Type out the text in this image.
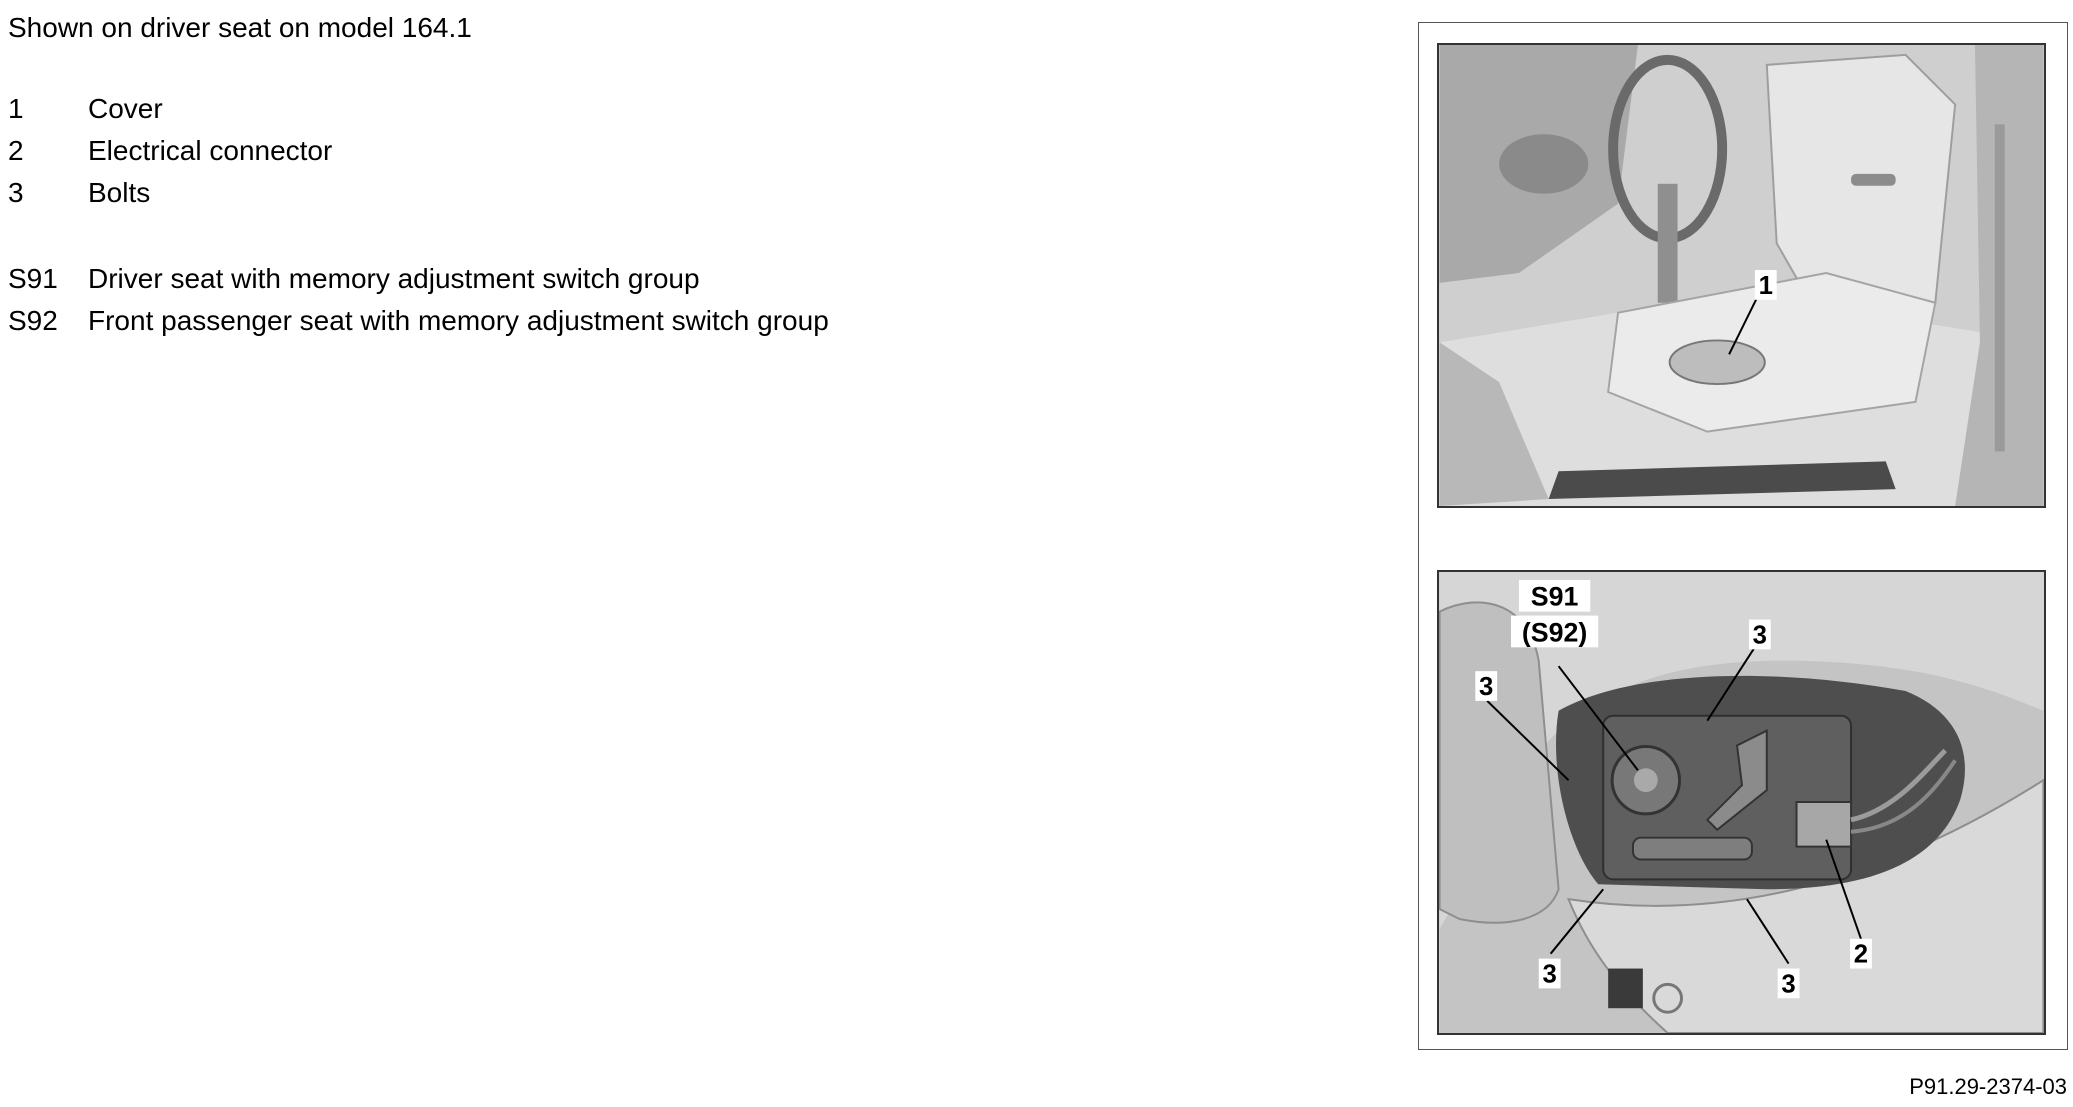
Shown on driver seat on model 164.1
1	Cover
2	Electrical connector
3	Bolts
S91	Driver seat with memory adjustment switch group
S92	Front passenger seat with memory adjustment switch group
1
S91
(S92)	3
3
2
3	3
P91.29-2374-03
